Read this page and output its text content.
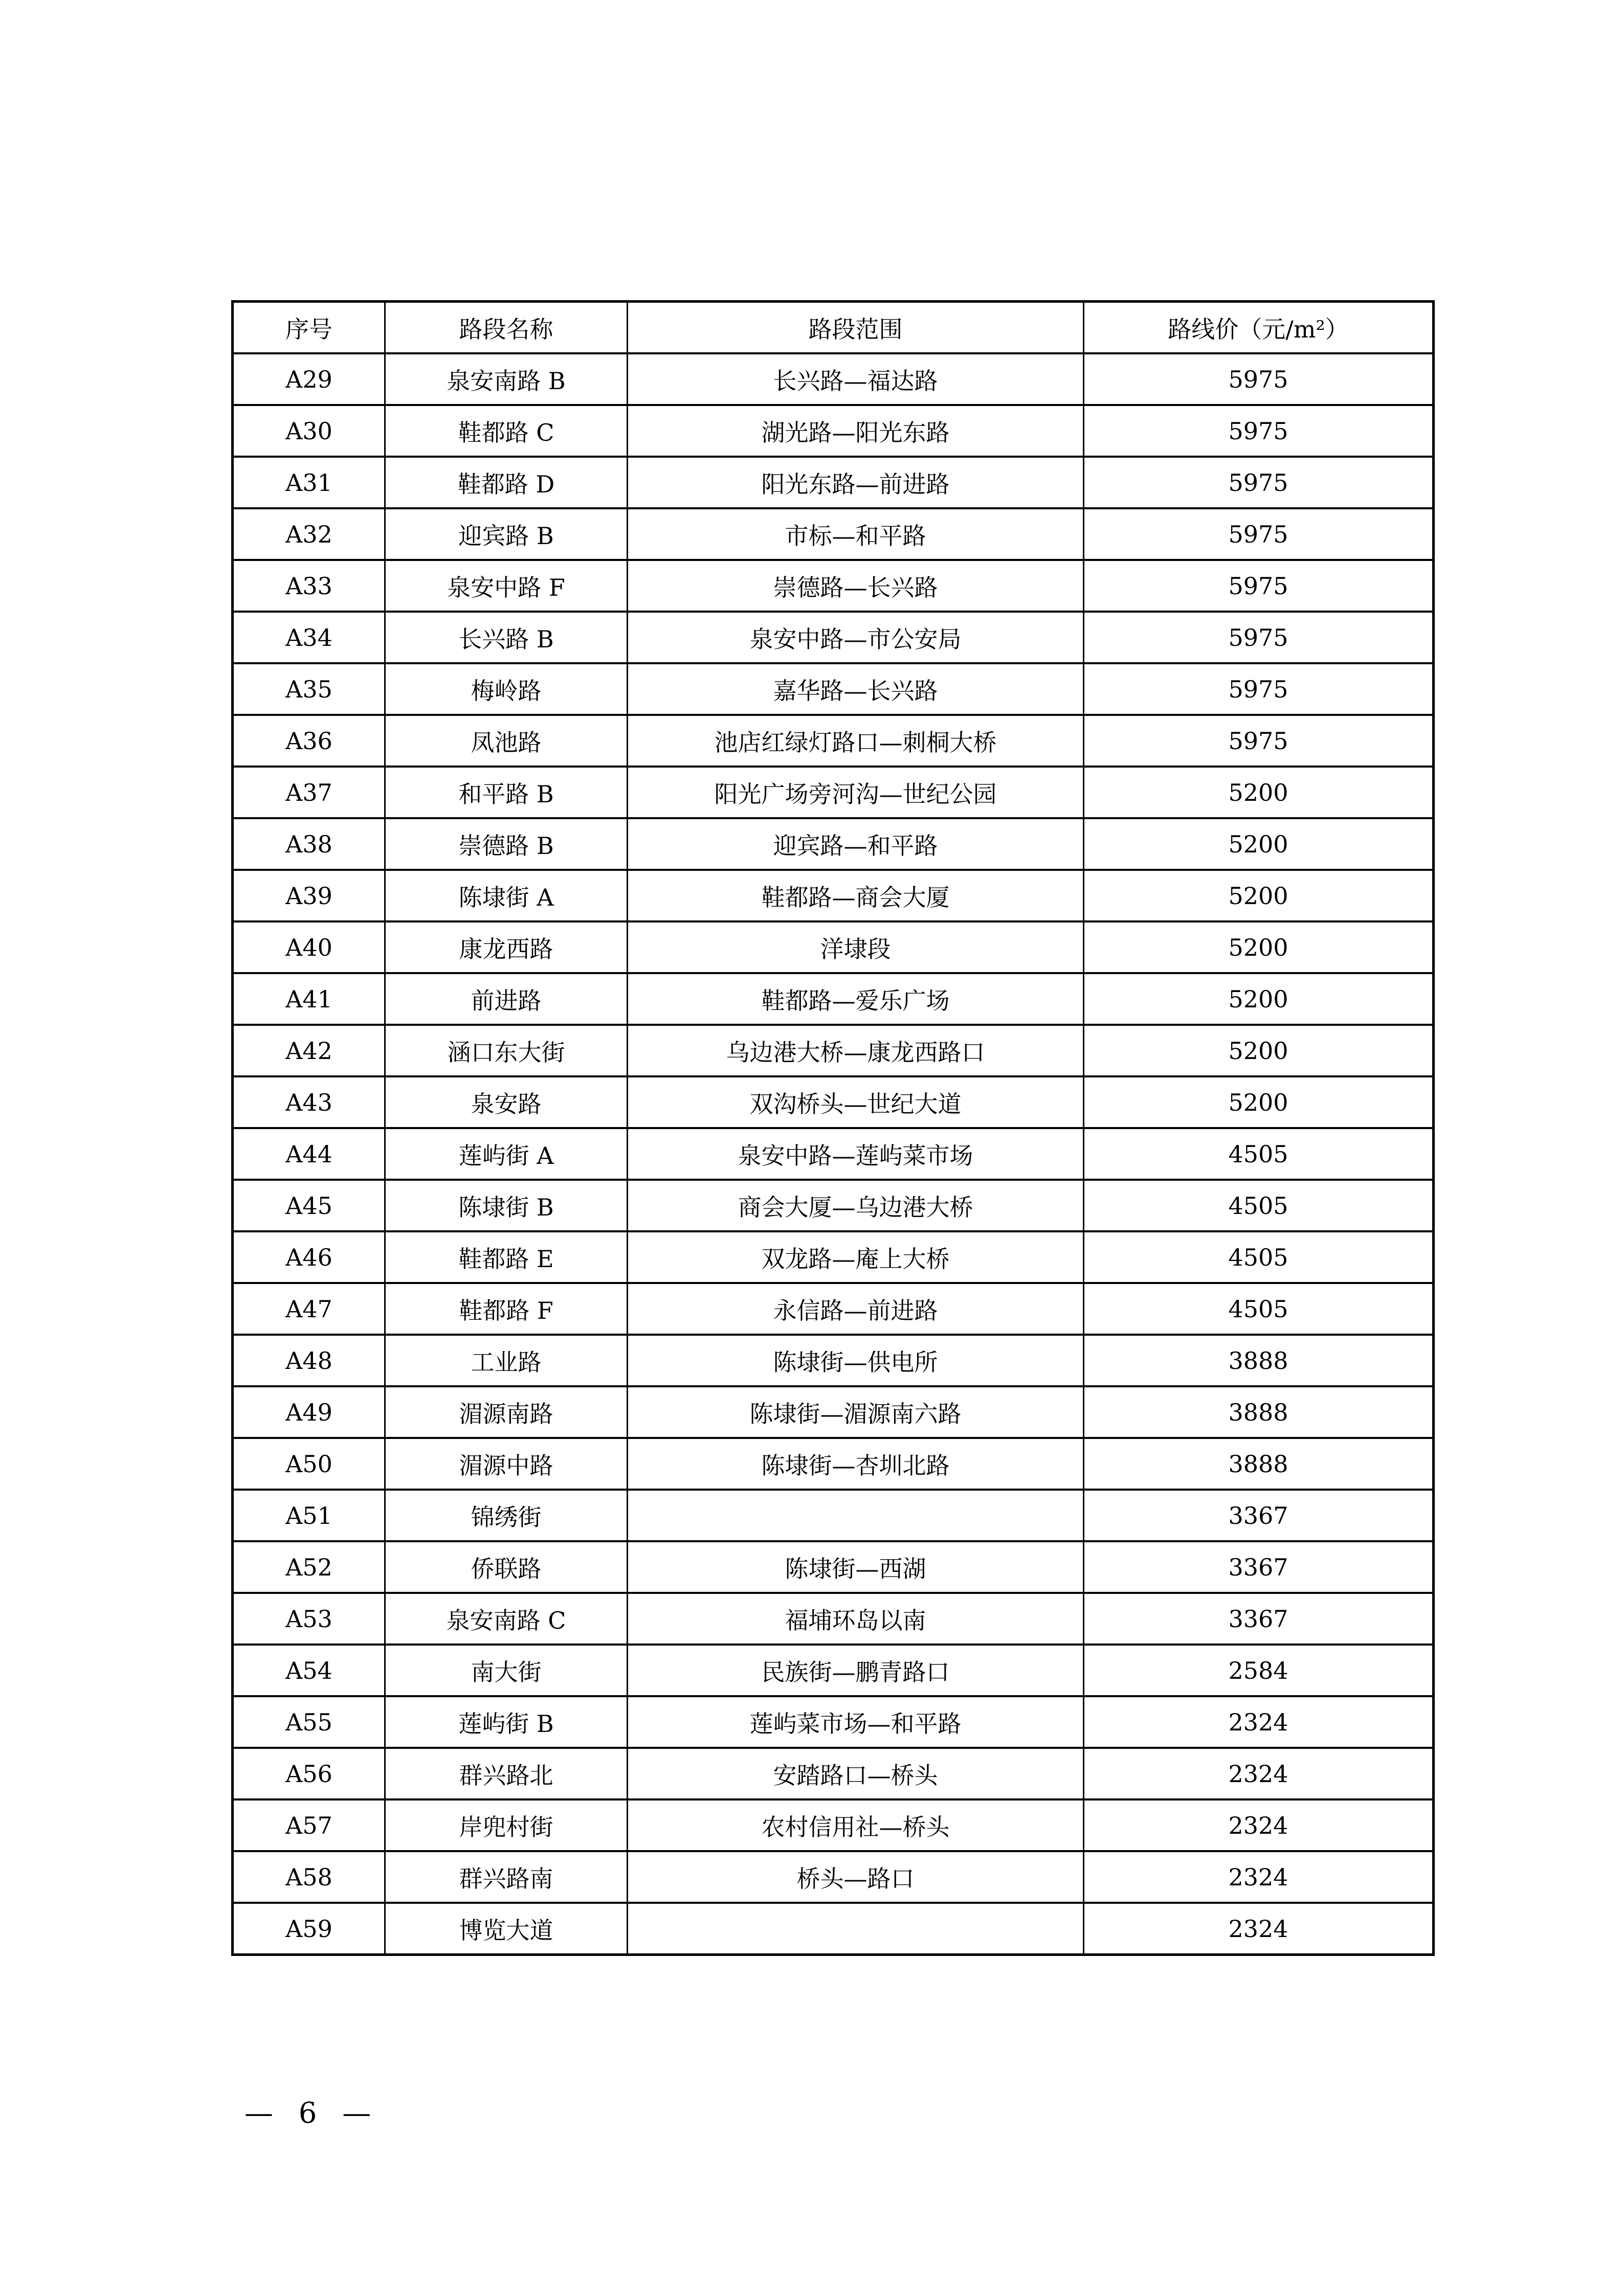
序号	路段名称	路段范围	路线价（元/m²）
A29	泉安南路 B	长兴路—福达路	5975
A30	鞋都路 C	湖光路—阳光东路	5975
A31	鞋都路 D	阳光东路—前进路	5975
A32	迎宾路 B	市标—和平路	5975
A33	泉安中路 F	崇德路—长兴路	5975
A34	长兴路 B	泉安中路—市公安局	5975
A35	梅岭路	嘉华路—长兴路	5975
A36	凤池路	池店红绿灯路口—刺桐大桥	5975
A37	和平路 B	阳光广场旁河沟—世纪公园	5200
A38	崇德路 B	迎宾路—和平路	5200
A39	陈埭街 A	鞋都路—商会大厦	5200
A40	康龙西路	洋埭段	5200
A41	前进路	鞋都路—爱乐广场	5200
A42	涵口东大街	乌边港大桥—康龙西路口	5200
A43	泉安路	双沟桥头—世纪大道	5200
A44	莲屿街 A	泉安中路—莲屿菜市场	4505
A45	陈埭街 B	商会大厦—乌边港大桥	4505
A46	鞋都路 E	双龙路—庵上大桥	4505
A47	鞋都路 F	永信路—前进路	4505
A48	工业路	陈埭街—供电所	3888
A49	湄源南路	陈埭街—湄源南六路	3888
A50	湄源中路	陈埭街—杏圳北路	3888
A51	锦绣街		3367
A52	侨联路	陈埭街—西湖	3367
A53	泉安南路 C	福埔环岛以南	3367
A54	南大街	民族街—鹏青路口	2584
A55	莲屿街 B	莲屿菜市场—和平路	2324
A56	群兴路北	安踏路口—桥头	2324
A57	岸兜村街	农村信用社—桥头	2324
A58	群兴路南	桥头—路口	2324
A59	博览大道		2324
— 6 —
